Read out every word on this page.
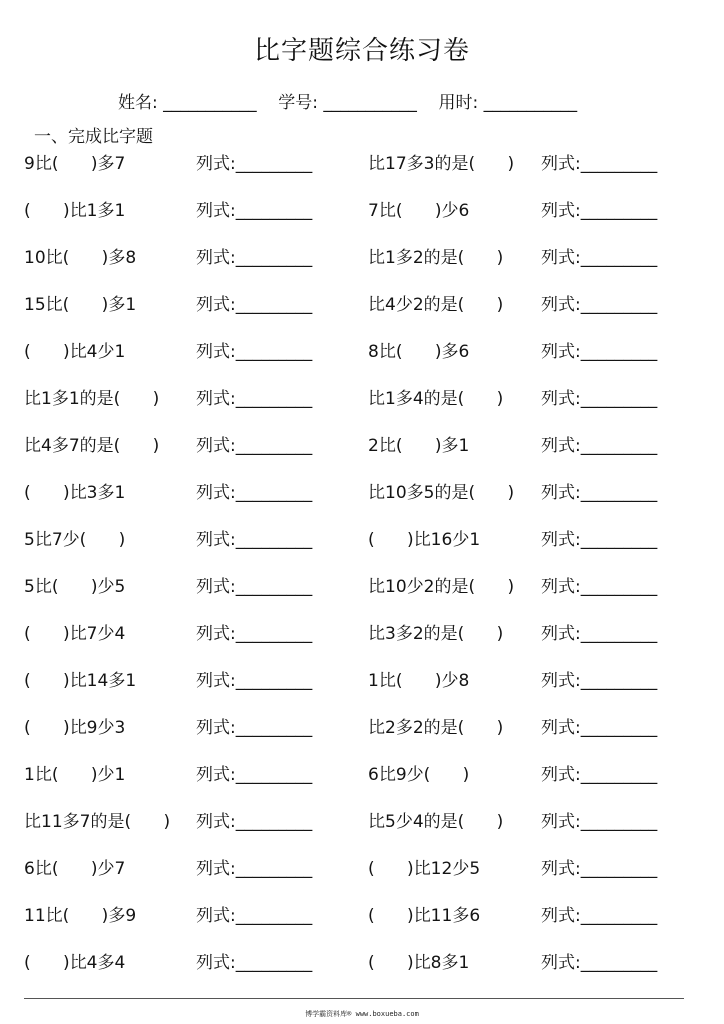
比字题综合练习卷
姓名: ___________ 学号: ___________ 用时: ___________
一、完成比字题
9比(      )多7	列式:_________	比17多3的是(      ) 列式:_________
(      )比1多1	列式:_________	7比(      )少6	列式:_________
10比(      )多8	列式:_________	比1多2的是(      ) 列式:_________
15比(      )多1	列式:_________	比4少2的是(      ) 列式:_________
(      )比4少1	列式:_________	8比(      )多6	列式:_________
比1多1的是(      ) 列式:_________	比1多4的是(      ) 列式:_________
比4多7的是(      ) 列式:_________	2比(      )多1	列式:_________
(      )比3多1	列式:_________	比10多5的是(      ) 列式:_________
5比7少(      )	列式:_________	(      )比16少1	列式:_________
5比(      )少5	列式:_________	比10少2的是(      ) 列式:_________
(      )比7少4	列式:_________	比3多2的是(      ) 列式:_________
(      )比14多1	列式:_________	1比(      )少8	列式:_________
(      )比9少3	列式:_________	比2多2的是(      ) 列式:_________
1比(      )少1	列式:_________	6比9少(      )	列式:_________
比11多7的是(      ) 列式:_________	比5少4的是(      ) 列式:_________
6比(      )少7	列式:_________	(      )比12少5	列式:_________
11比(      )多9	列式:_________	(      )比11多6	列式:_________
(      )比4多4	列式:_________	(      )比8多1	列式:_________
博学霸资料库® www.boxueba.com
